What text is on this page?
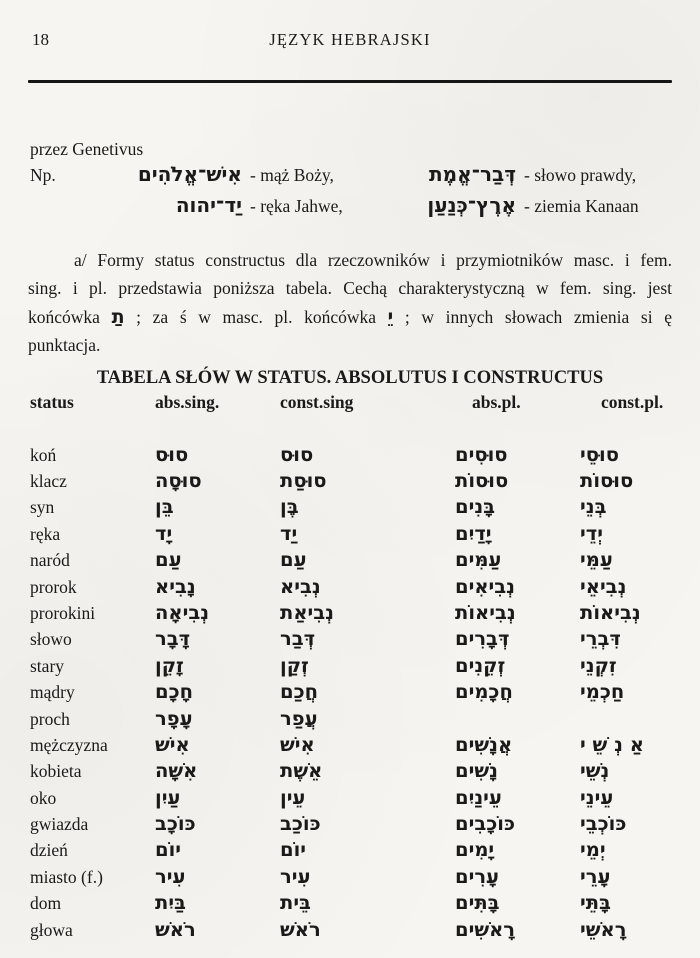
18	JĘZYK HEBRAJSKI
przez Genetivus
Np.	אִישׁ־אֱלֹהִים - mąż Boży,	דְּבַר־אֱמֶת - słowo prawdy,
יַד־יהוה - ręka Jahwe,	אֶרֶץ־כְּנַעַן - ziemia Kanaan

a/ Formy status constructus dla rzeczowników i przymiotników masc. i fem. sing. i pl. przedstawia poniższa tabela. Cechą charakterystyczną w fem. sing. jest końcówka תַ ; za ś w masc. pl. końcówka יֵ ; w innych słowach zmienia si ę punktacja.

TABELA SŁÓW W STATUS. ABSOLUTUS I CONSTRUCTUS
status	abs.sing.	const.sing	abs.pl.	const.pl.
koń	סוּס	סוּס	סוּסִים	סוּסֵי
klacz	סוּסָה	סוּסַת	סוּסוֹת	סוּסוֹת
syn	בֵּן	בֶּן	בָּנִים	בְּנֵי
ręka	יָד	יַד	יָדַיִם	יְדֵי
naród	עַם	עַם	עַמִּים	עַמֵּי
prorok	נָבִיא	נְבִיא	נְבִיאִים	נְבִיאֵי
prorokini	נְבִיאָה	נְבִיאַת	נְבִיאוֹת	נְבִיאוֹת
słowo	דָּבָר	דְּבַר	דְּבָרִים	דִּבְרֵי
stary	זָקֵן	זְקַן	זְקֵנִים	זִקְנֵי
mądry	חָכָם	חֲכַם	חֲכָמִים	חַכְמֵי
proch	עָפָר	עֲפַר
mężczyzna	אִישׁ	אִישׁ	אֲנָשִׁים	אַ נְ שֵׁ י
kobieta	אִשָּׁה	אֵשֶׁת	נָשִׁים	נְשֵׁי
oko	עַיִן	עֵין	עֵינַיִם	עֵינֵי
gwiazda	כּוֹכָב	כּוֹכַב	כּוֹכָבִים	כּוֹכְבֵי
dzień	יוֹם	יוֹם	יָמִים	יְמֵי
miasto (f.)	עִיר	עִיר	עָרִים	עָרֵי
dom	בַּיִת	בֵּית	בָּתִּים	בָּתֵּי
głowa	רֹאשׁ	רֹאשׁ	רָאשִׁים	רָאשֵׁי
